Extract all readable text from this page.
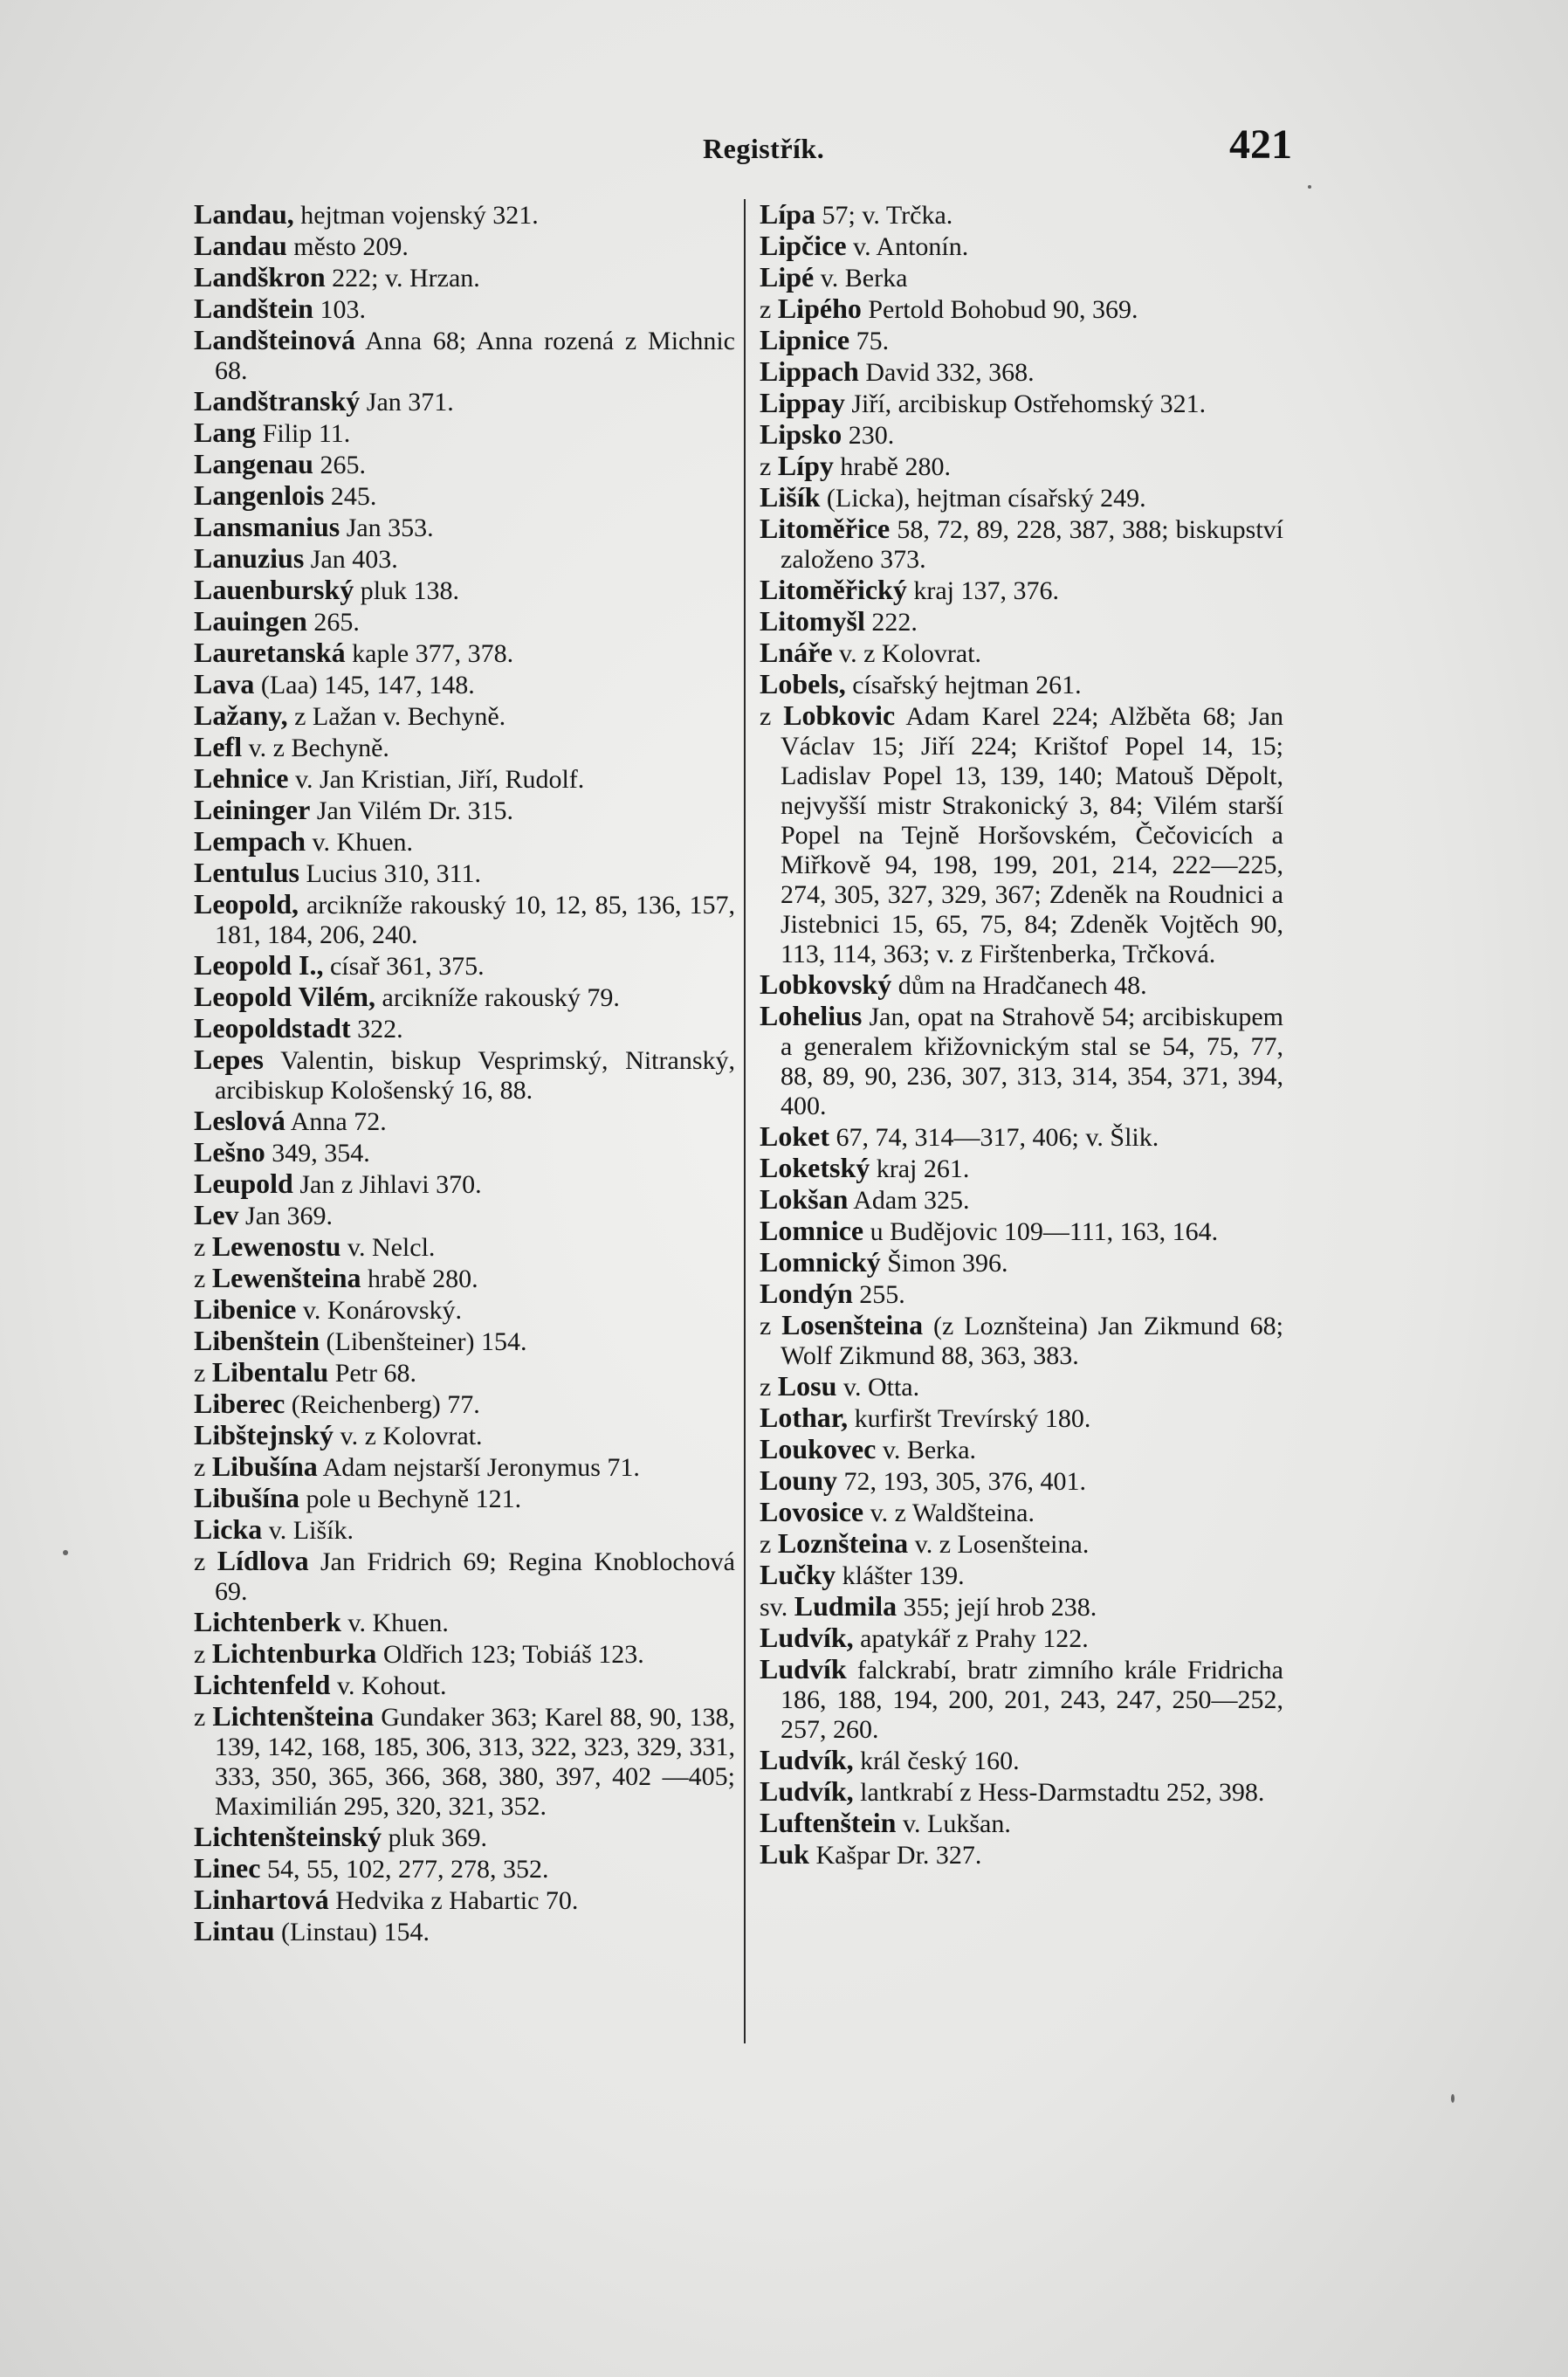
Registřík.	421
Landau, hejtman vojenský 321.
Landau město 209.
Landškron 222; v. Hrzan.
Landštein 103.
Landšteinová Anna 68; Anna rozená z Michnic 68.
Landštranský Jan 371.
Lang Filip 11.
Langenau 265.
Langenlois 245.
Lansmanius Jan 353.
Lanuzius Jan 403.
Lauenburský pluk 138.
Lauingen 265.
Lauretanská kaple 377, 378.
Lava (Laa) 145, 147, 148.
Lažany, z Lažan v. Bechyně.
Lefl v. z Bechyně.
Lehnice v. Jan Kristian, Jiří, Rudolf.
Leininger Jan Vilém Dr. 315.
Lempach v. Khuen.
Lentulus Lucius 310, 311.
Leopold, arcikníže rakouský 10, 12, 85, 136, 157, 181, 184, 206, 240.
Leopold I., císař 361, 375.
Leopold Vilém, arcikníže rakouský 79.
Leopoldstadt 322.
Lepes Valentin, biskup Vesprimský, Nitranský, arcibiskup Kološenský 16, 88.
Leslová Anna 72.
Lešno 349, 354.
Leupold Jan z Jihlavi 370.
Lev Jan 369.
z Lewenostu v. Nelcl.
z Lewenšteina hrabě 280.
Libenice v. Konárovský.
Libenštein (Libenšteiner) 154.
z Libentalu Petr 68.
Liberec (Reichenberg) 77.
Libštejnský v. z Kolovrat.
z Libušína Adam nejstarší Jeronymus 71.
Libušína pole u Bechyně 121.
Licka v. Lišík.
z Lídlova Jan Fridrich 69; Regina Knoblochová 69.
Lichtenberk v. Khuen.
z Lichtenburka Oldřich 123; Tobiáš 123.
Lichtenfeld v. Kohout.
z Lichtenšteina Gundaker 363; Karel 88, 90, 138, 139, 142, 168, 185, 306, 313, 322, 323, 329, 331, 333, 350, 365, 366, 368, 380, 397, 402 —405; Maximilián 295, 320, 321, 352.
Lichtenšteinský pluk 369.
Linec 54, 55, 102, 277, 278, 352.
Linhartová Hedvika z Habartic 70.
Lintau (Linstau) 154.
Lípa 57; v. Trčka.
Lipčice v. Antonín.
Lipé v. Berka
z Lipého Pertold Bohobud 90, 369.
Lipnice 75.
Lippach David 332, 368.
Lippay Jiří, arcibiskup Ostřehomský 321.
Lipsko 230.
z Lípy hrabě 280.
Lišík (Licka), hejtman císařský 249.
Litoměřice 58, 72, 89, 228, 387, 388; biskupství založeno 373.
Litoměřický kraj 137, 376.
Litomyšl 222.
Lnáře v. z Kolovrat.
Lobels, císařský hejtman 261.
z Lobkovic Adam Karel 224; Alžběta 68; Jan Václav 15; Jiří 224; Krištof Popel 14, 15; Ladislav Popel 13, 139, 140; Matouš Děpolt, nejvyšší mistr Strakonický 3, 84; Vilém starší Popel na Tejně Horšovském, Čečovicích a Miřkově 94, 198, 199, 201, 214, 222—225, 274, 305, 327, 329, 367; Zdeněk na Roudnici a Jistebnici 15, 65, 75, 84; Zdeněk Vojtěch 90, 113, 114, 363; v. z Firštenberka, Trčková.
Lobkovský dům na Hradčanech 48.
Lohelius Jan, opat na Strahově 54; arcibiskupem a generalem křižovnickým stal se 54, 75, 77, 88, 89, 90, 236, 307, 313, 314, 354, 371, 394, 400.
Loket 67, 74, 314—317, 406; v. Šlik.
Loketský kraj 261.
Lokšan Adam 325.
Lomnice u Budějovic 109—111, 163, 164.
Lomnický Šimon 396.
Londýn 255.
z Losenšteina (z Loznšteina) Jan Zikmund 68; Wolf Zikmund 88, 363, 383.
z Losu v. Otta.
Lothar, kurfiršt Trevírský 180.
Loukovec v. Berka.
Louny 72, 193, 305, 376, 401.
Lovosice v. z Waldšteina.
z Loznšteina v. z Losenšteina.
Lučky klášter 139.
sv. Ludmila 355; její hrob 238.
Ludvík, apatykář z Prahy 122.
Ludvík falckrabí, bratr zimního krále Fridricha 186, 188, 194, 200, 201, 243, 247, 250—252, 257, 260.
Ludvík, král český 160.
Ludvík, lantkrabí z Hess-Darmstadtu 252, 398.
Luftenštein v. Lukšan.
Luk Kašpar Dr. 327.
